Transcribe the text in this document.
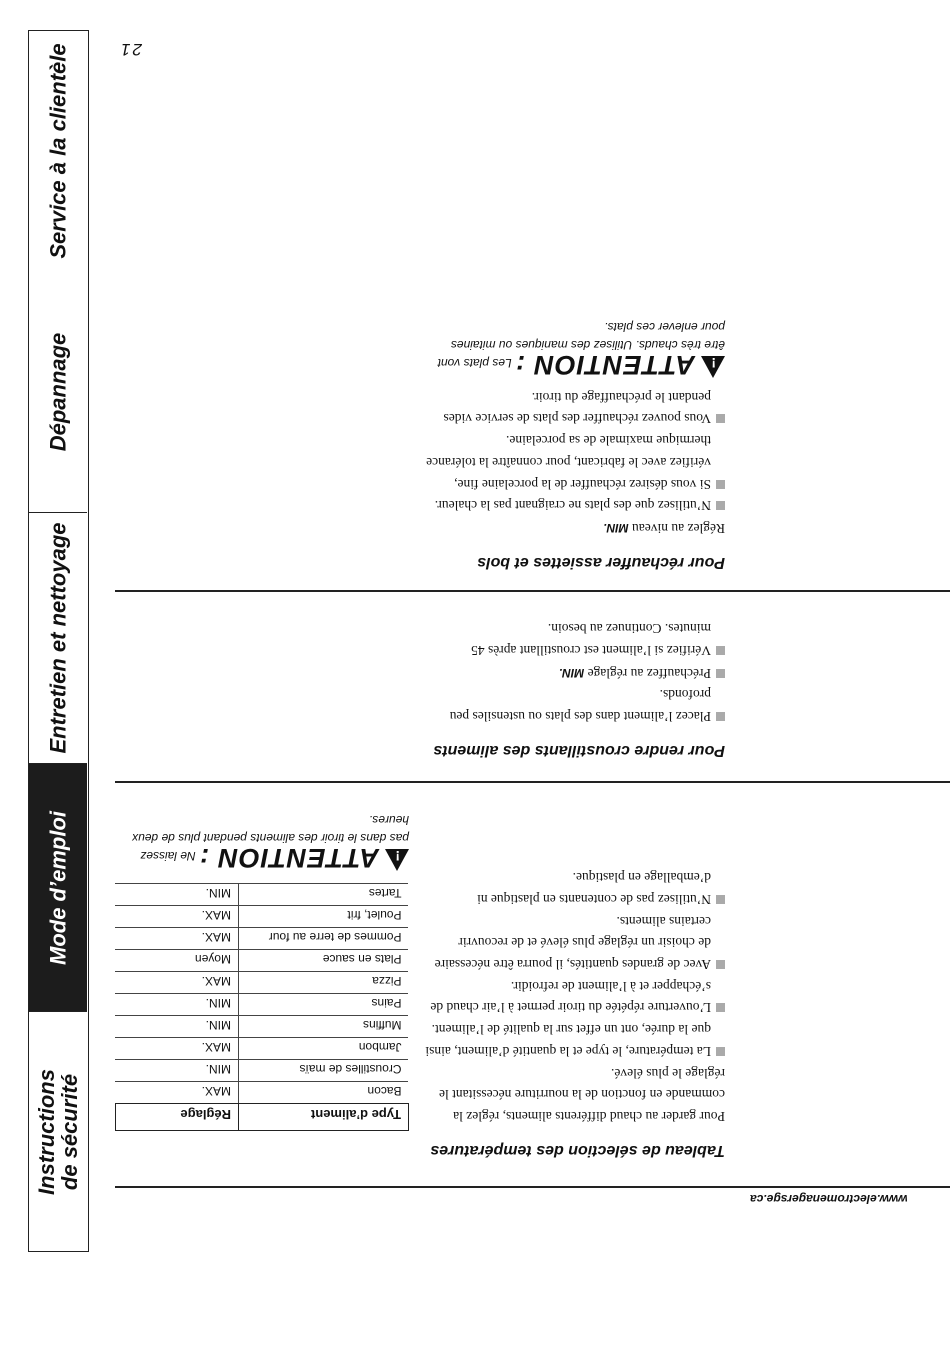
Instructions
de sécurité
Mode d’emploi
Entretien et nettoyage
Dépannage
Service à la clientèle
www.electromenagersge.ca
Tableau de sélection des températures

Pour garder au chaud différents aliments, réglez la commande en fonction de la nourriture nécessitant le réglage le plus élevé.

La température, le type et la quantité d’aliment, ainsi que la durée, ont un effet sur la qualité de l’aliment.
L’ouverture répétée du tiroir permet à l’air chaud de s’échapper et à l’aliment de refroidir.
Avec de grandes quantités, il pourra être nécessaire de choisir un réglage plus élevé et de recouvrir certains aliments.
N’utilisez pas de contenants en plastique ni d’emballage en plastique.
Type d’aliment	Réglage
Bacon	MAX.
Croustilles de maïs	MIN.
Jambon	MAX.
Muffins	MIN.
Pains	MIN.
Pizza	MAX.
Plats en sauce	Moyen
Pommes de terre au four	MAX.
Poulet, frit	MAX.
Tartes	MIN.
!ATTENTION : Ne laissez pas dans le tiroir des aliments pendant plus de deux heures.
Pour rendre croustillants des aliments
Placez l’aliment dans des plats ou ustensiles peu profonds.
Préchauffez au réglage MIN.
Vérifiez si l’aliment est croustillant après 45 minutes. Continuez au besoin.
Pour réchauffer assiettes et bols

Réglez au niveau MIN.

N’utilisez que des plats ne craignant pas la chaleur.
Si vous désirez réchauffer de la porcelaine fine, vérifiez avec le fabricant, pour connaître la tolérance thermique maximale de sa porcelaine.
Vous pouvez réchauffer des plats de service vides pendant le préchauffage du tiroir.
!ATTENTION : Les plats vont être très chauds. Utilisez des maniques ou mitaines pour enlever ces plats.
21
